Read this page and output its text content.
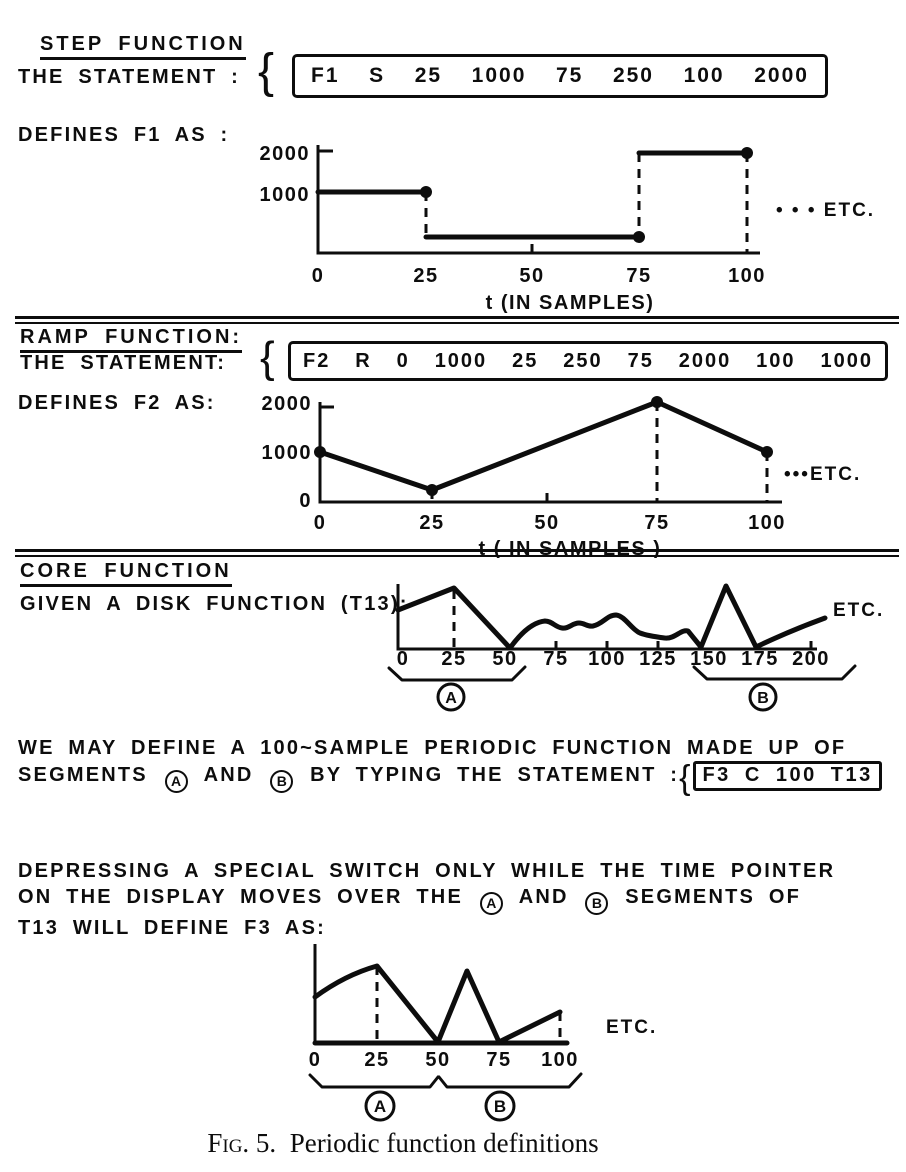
STEP FUNCTION
THE STATEMENT : { F1 S 25 1000 75 250 100 2000
DEFINES F1 AS :
2000
1000
0	25	50	75	100
t (IN SAMPLES)
• • • ETC.
RAMP FUNCTION:
THE STATEMENT: { F2 R 0 1000 25 250 75 2000 100 1000
DEFINES F2 AS: 2000
1000
0
0	25	50	75	100
t ( IN SAMPLES )
•••ETC.
CORE FUNCTION
GIVEN A DISK FUNCTION (T13):
0 25 50 75 100 125 150 175 200
ETC.
A	B
WE MAY DEFINE A 100~SAMPLE PERIODIC FUNCTION MADE UP OF
SEGMENTS A AND B BY TYPING THE STATEMENT :{ F3 C 100 T13
DEPRESSING A SPECIAL SWITCH ONLY WHILE THE TIME POINTER
ON THE DISPLAY MOVES OVER THE A AND B SEGMENTS OF
T13 WILL DEFINE F3 AS:
0 25 50 75 100
ETC.
A	B
Fig. 5. Periodic function definitions
